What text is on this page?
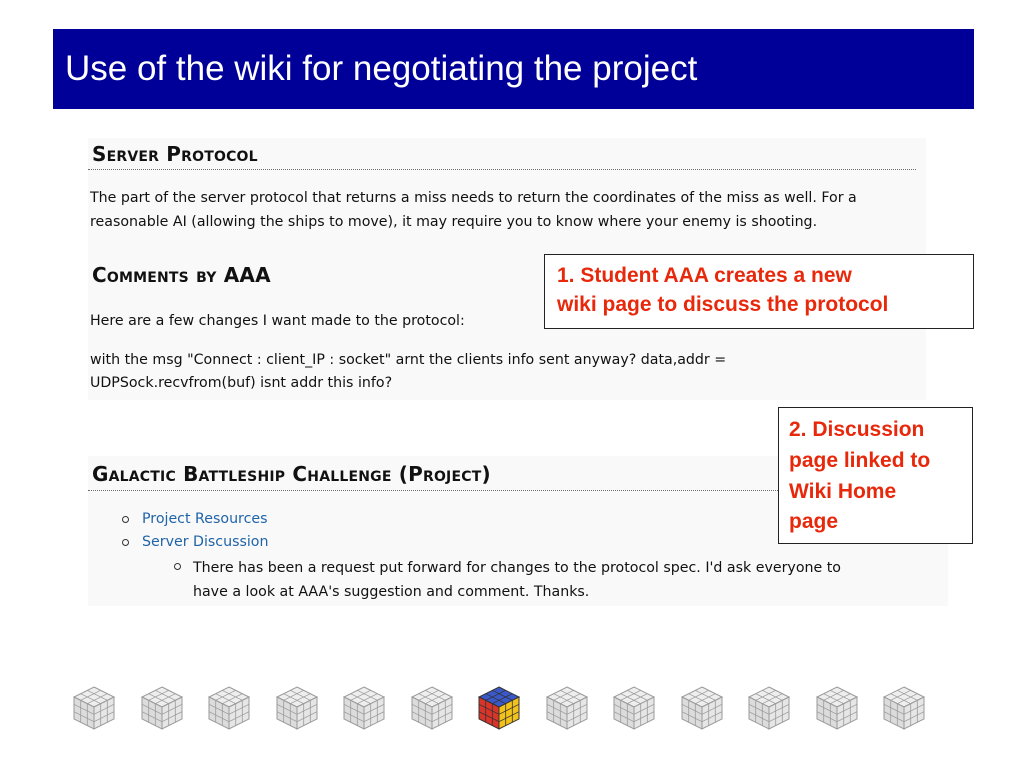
Use of the wiki for negotiating the project
Server Protocol

The part of the server protocol that returns a miss needs to return the coordinates of the miss as well. For a

reasonable AI (allowing the ships to move), it may require you to know where your enemy is shooting.

Comments by AAA

Here are a few changes I want made to the protocol:

with the msg "Connect : client_IP : socket" arnt the clients info sent anyway? data,addr =

UDPSock.recvfrom(buf) isnt addr this info?

Galactic Battleship Challenge (Project)
Project Resources
Server Discussion

There has been a request put forward for changes to the protocol spec. I'd ask everyone to

have a look at AAA's suggestion and comment. Thanks.

1. Student AAA creates a new
wiki page to discuss the protocol
2. Discussion
page linked to
Wiki Home
page
